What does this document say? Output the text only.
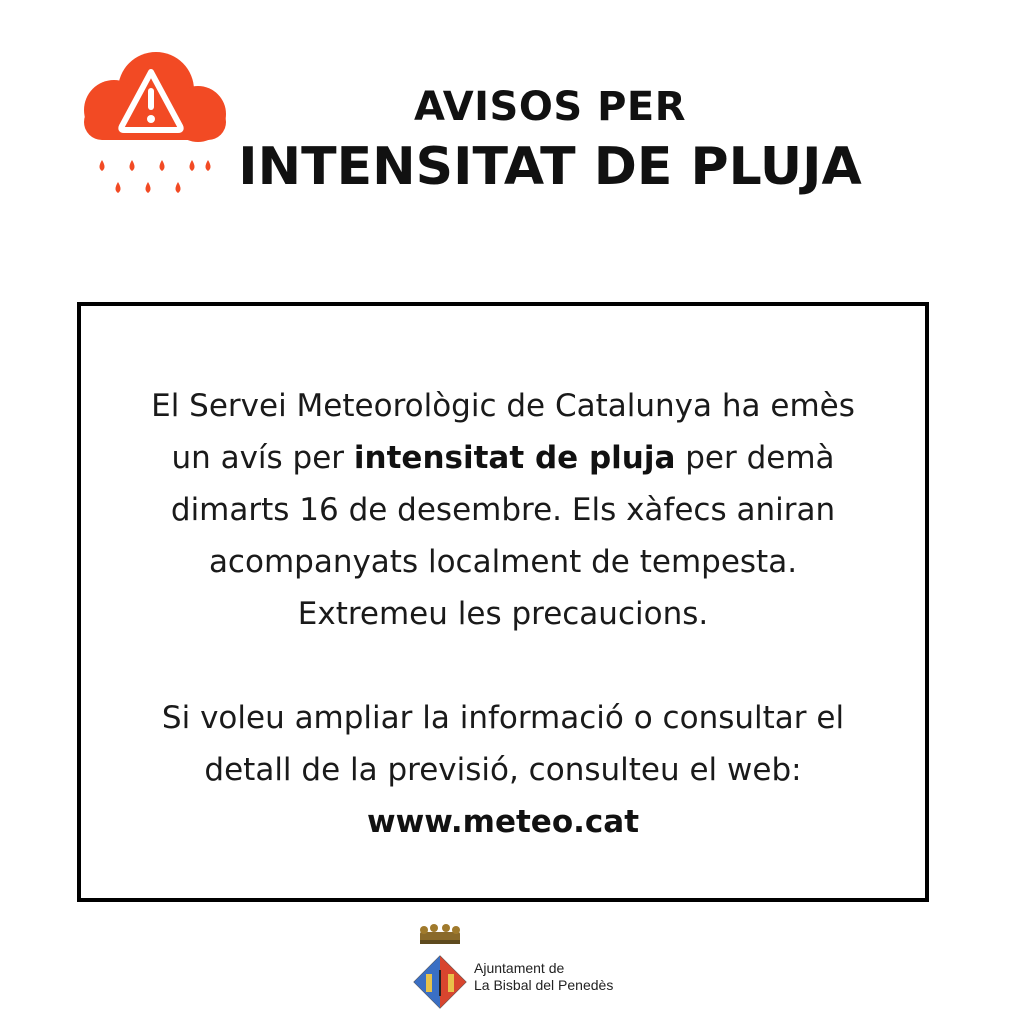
AVISOS PER
INTENSITAT DE PLUJA

El Servei Meteorològic de Catalunya ha emès

un avís per intensitat de pluja per demà

dimarts 16 de desembre. Els xàfecs aniran

acompanyats localment de tempesta.

Extremeu les precaucions.

Si voleu ampliar la informació o consultar el

detall de la previsió, consulteu el web:

www.meteo.cat

Ajuntament de
La Bisbal del Penedès
